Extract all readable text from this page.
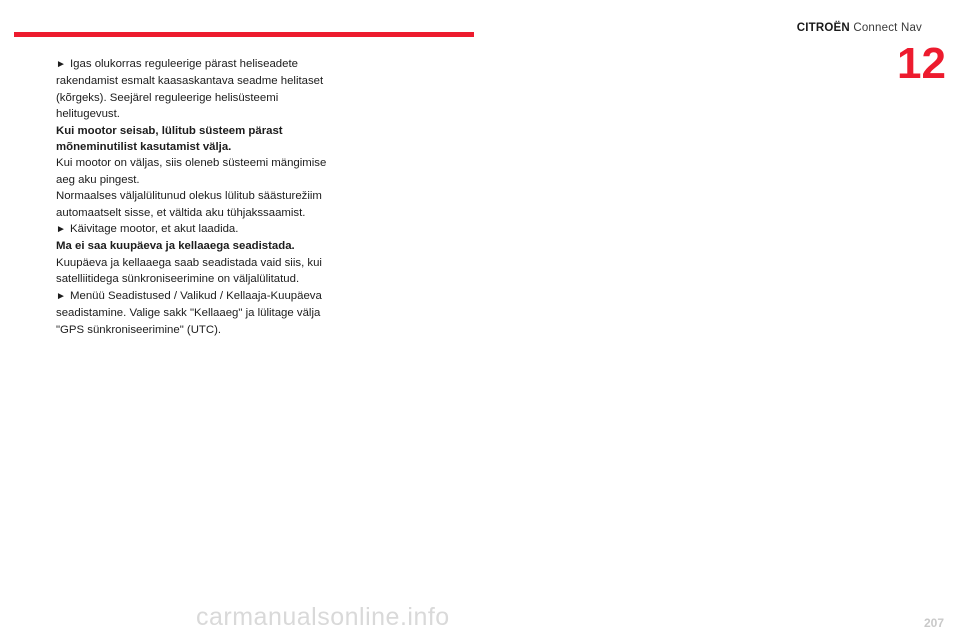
CITROËN Connect Nav
12

► Igas olukorras reguleerige pärast heliseadete rakendamist esmalt kaasaskantava seadme helitaset (kõrgeks). Seejärel reguleerige helisüsteemi helitugevust.

Kui mootor seisab, lülitub süsteem pärast mõneminutilist kasutamist välja.

Kui mootor on väljas, siis oleneb süsteemi mängimise aeg aku pingest.

Normaalses väljalülitunud olekus lülitub säästurežiim automaatselt sisse, et vältida aku tühjakssaamist.

► Käivitage mootor, et akut laadida.

Ma ei saa kuupäeva ja kellaaega seadistada.

Kuupäeva ja kellaaega saab seadistada vaid siis, kui satelliitidega sünkroniseerimine on väljalülitatud.

► Menüü Seadistused / Valikud / Kellaaja-Kuupäeva seadistamine. Valige sakk "Kellaaeg" ja lülitage välja "GPS sünkroniseerimine" (UTC).

carmanualsonline.info	207
